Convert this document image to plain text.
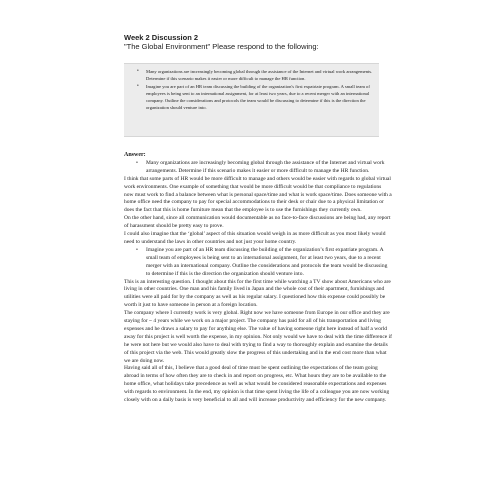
Week 2 Discussion 2
"The Global Environment" Please respond to the following:
• Many organizations are increasingly becoming global through the assistance of the Internet and virtual work arrangements. Determine if this scenario makes it easier or more difficult to manage the HR function.
• Imagine you are part of an HR team discussing the building of the organization's first expatriate program. A small team of employees is being sent to an international assignment, for at least two years, due to a recent merger with an international company. Outline the considerations and protocols the team would be discussing to determine if this is the direction the organization should venture into.

Answer:

• Many organizations are increasingly becoming global through the assistance of the Internet and virtual work arrangements. Determine if this scenario makes it easier or more difficult to manage the HR function.

I think that some parts of HR would be more difficult to manage and others would be easier with regards to global virtual work environments. One example of something that would be more difficult would be that compliance to regulations now must work to find a balance between what is personal space/time and what is work space/time. Does someone with a home office need the company to pay for special accommodations to their desk or chair due to a physical limitation or does the fact that this is home furniture mean that the employee is to use the furnishings they currently own.

On the other hand, since all communication would documentable as no face-to-face discussions are being had, any report of harassment should be pretty easy to prove.

I could also imagine that the ‘global’ aspect of this situation would weigh in as more difficult as you most likely would need to understand the laws in other countries and not just your home country.

• Imagine you are part of an HR team discussing the building of the organization’s first expatriate program. A small team of employees is being sent to an international assignment, for at least two years, due to a recent merger with an international company. Outline the considerations and protocols the team would be discussing to determine if this is the direction the organization should venture into.

This is an interesting question. I thought about this for the first time while watching a TV show about Americans who are living in other countries. One man and his family lived in Japan and the whole cost of their apartment, furnishings and utilities were all paid for by the company as well as his regular salary. I questioned how this expense could possibly be worth it just to have someone in person at a foreign location.

The company where I currently work is very global. Right now we have someone from Europe in our office and they are staying for ~ 4 years while we work on a major project. The company has paid for all of his transportation and living expenses and he draws a salary to pay for anything else. The value of having someone right here instead of half a world away for this project is well worth the expense, in my opinion. Not only would we have to deal with the time difference if he were not here but we would also have to deal with trying to find a way to thoroughly explain and examine the details of this project via the web. This would greatly slow the progress of this undertaking and in the end cost more than what we are doing now.

Having said all of this, I believe that a good deal of time must be spent outlining the expectations of the team going abroad in terms of how often they are to check in and report on progress, etc. What hours they are to be available to the home office, what holidays take precedence as well as what would be considered reasonable expectations and expenses with regards to environment. In the end, my opinion is that time spent living the life of a colleague you are now working closely with on a daily basis is very beneficial to all and will increase productivity and efficiency for the new company.
